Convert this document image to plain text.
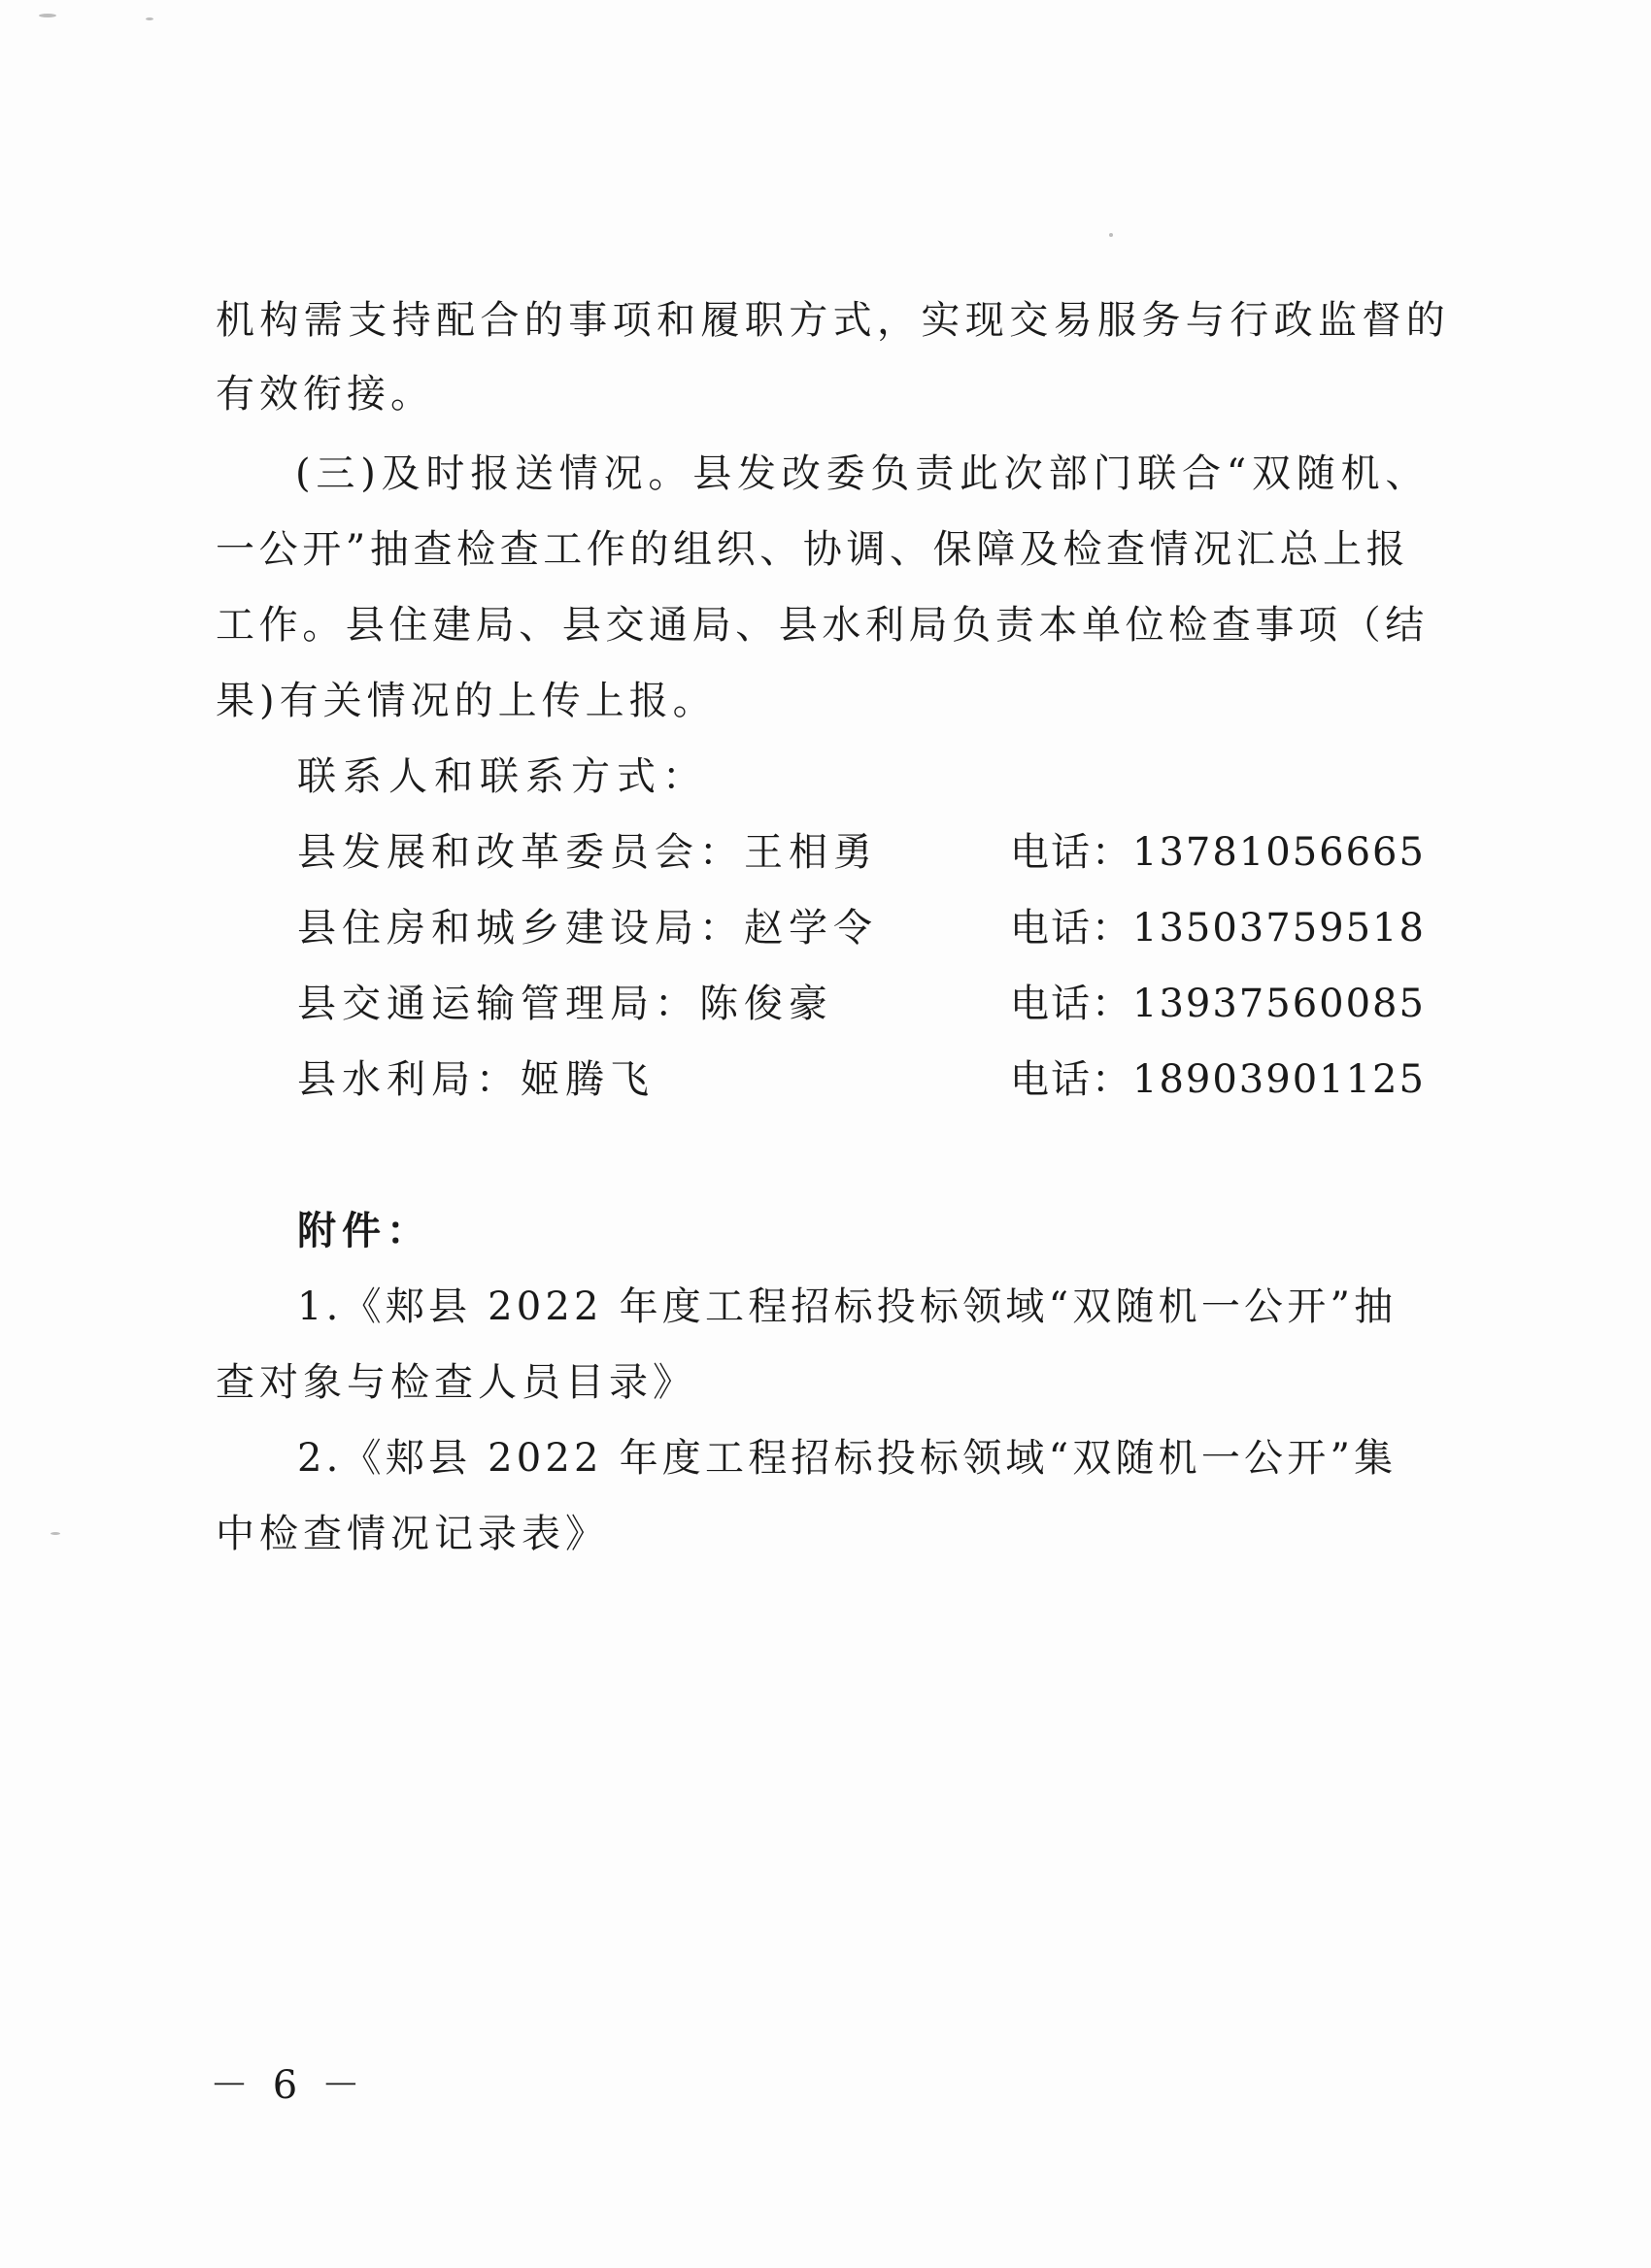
机构需支持配合的事项和履职方式，实现交易服务与行政监督的
有效衔接。
(三)及时报送情况。县发改委负责此次部门联合“双随机、
一公开”抽查检查工作的组织、协调、保障及检查情况汇总上报
工作。县住建局、县交通局、县水利局负责本单位检查事项（结
果)有关情况的上传上报。
联系人和联系方式：
县发展和改革委员会：王相勇	电话：13781056665
县住房和城乡建设局：赵学令	电话：13503759518
县交通运输管理局：陈俊豪	电话：13937560085
县水利局：姬腾飞	电话：18903901125
附件：
1.《郏县 2022 年度工程招标投标领域“双随机一公开”抽
查对象与检查人员目录》
2.《郏县 2022 年度工程招标投标领域“双随机一公开”集
中检查情况记录表》
－ 6 －
